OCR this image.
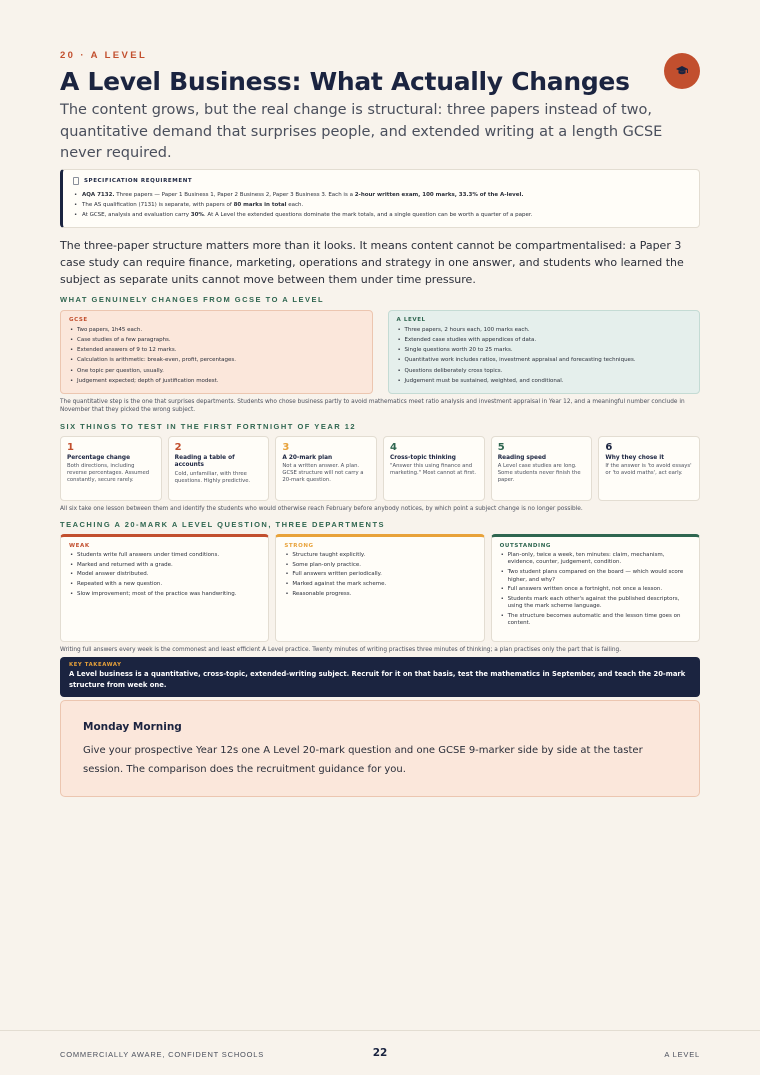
20 · A LEVEL
A Level Business: What Actually Changes

The content grows, but the real change is structural: three papers instead of two, quantitative demand that surprises people, and extended writing at a length GCSE never required.

SPECIFICATION REQUIREMENT
• AQA 7132. Three papers — Paper 1 Business 1, Paper 2 Business 2, Paper 3 Business 3. Each is a 2-hour written exam, 100 marks, 33.3% of the A-level.
• The AS qualification (7131) is separate, with papers of 80 marks in total each.
• At GCSE, analysis and evaluation carry 30%. At A Level the extended questions dominate the mark totals, and a single question can be worth a quarter of a paper.

The three-paper structure matters more than it looks. It means content cannot be compartmentalised: a Paper 3 case study can require finance, marketing, operations and strategy in one answer, and students who learned the subject as separate units cannot move between them under time pressure.

WHAT GENUINELY CHANGES FROM GCSE TO A LEVEL
GCSE
• Two papers, 1h45 each.
• Case studies of a few paragraphs.
• Extended answers of 9 to 12 marks.
• Calculation is arithmetic: break-even, profit, percentages.
• One topic per question, usually.
• Judgement expected; depth of justification modest.
A LEVEL
• Three papers, 2 hours each, 100 marks each.
• Extended case studies with appendices of data.
• Single questions worth 20 to 25 marks.
• Quantitative work includes ratios, investment appraisal and forecasting techniques.
• Questions deliberately cross topics.
• Judgement must be sustained, weighted, and conditional.

The quantitative step is the one that surprises departments. Students who chose business partly to avoid mathematics meet ratio analysis and investment appraisal in Year 12, and a meaningful number conclude in November that they picked the wrong subject.

SIX THINGS TO TEST IN THE FIRST FORTNIGHT OF YEAR 12
1
Percentage change
Both directions, including reverse percentages. Assumed constantly, secure rarely.
2
Reading a table of accounts
Cold, unfamiliar, with three questions. Highly predictive.
3
A 20-mark plan
Not a written answer. A plan. GCSE structure will not carry a 20-mark question.
4
Cross-topic thinking
"Answer this using finance and marketing." Most cannot at first.
5
Reading speed
A Level case studies are long. Some students never finish the paper.
6
Why they chose it
If the answer is 'to avoid essays' or 'to avoid maths', act early.

All six take one lesson between them and identify the students who would otherwise reach February before anybody notices, by which point a subject change is no longer possible.

TEACHING A 20-MARK A LEVEL QUESTION, THREE DEPARTMENTS
WEAK
• Students write full answers under timed conditions.
• Marked and returned with a grade.
• Model answer distributed.
• Repeated with a new question.
• Slow improvement; most of the practice was handwriting.
STRONG
• Structure taught explicitly.
• Some plan-only practice.
• Full answers written periodically.
• Marked against the mark scheme.
• Reasonable progress.
OUTSTANDING
• Plan-only, twice a week, ten minutes: claim, mechanism, evidence, counter, judgement, condition.
• Two student plans compared on the board — which would score higher, and why?
• Full answers written once a fortnight, not once a lesson.
• Students mark each other's against the published descriptors, using the mark scheme language.
• The structure becomes automatic and the lesson time goes on content.

Writing full answers every week is the commonest and least efficient A Level practice. Twenty minutes of writing practises three minutes of thinking; a plan practises only the part that is failing.

KEY TAKEAWAY
A Level business is a quantitative, cross-topic, extended-writing subject. Recruit for it on that basis, test the mathematics in September, and teach the 20-mark structure from week one.
Monday Morning
Give your prospective Year 12s one A Level 20-mark question and one GCSE 9-marker side by side at the taster session. The comparison does the recruitment guidance for you.
COMMERCIALLY AWARE, CONFIDENT SCHOOLS	22	A LEVEL
